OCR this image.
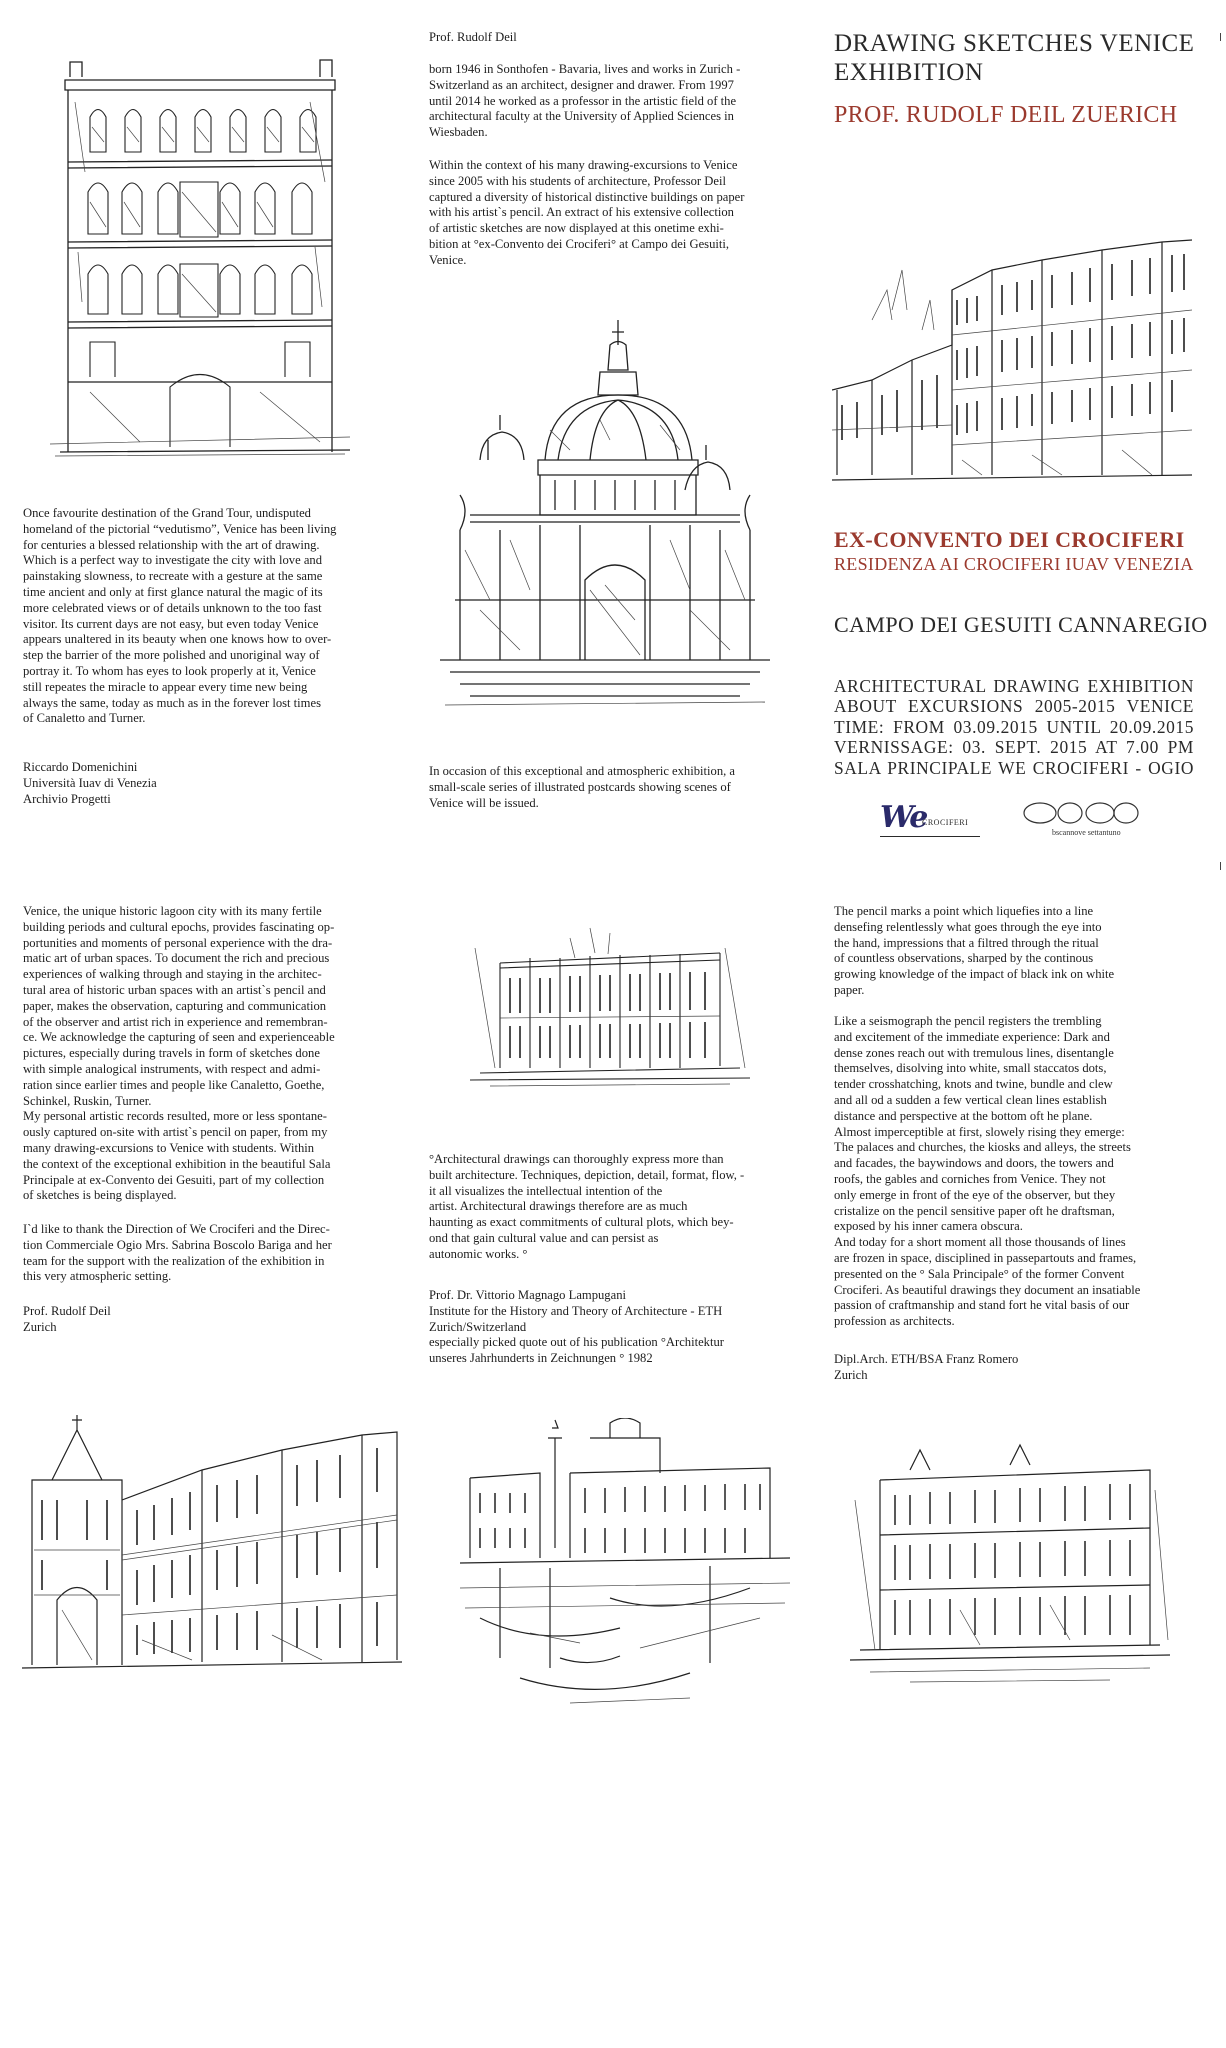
Once favourite destination of the Grand Tour, undisputed
homeland of the pictorial “vedutismo”, Venice has been living
for centuries a blessed relationship with the art of drawing.
Which is a perfect way to investigate the city with love and
painstaking slowness, to recreate with a gesture at the same
time ancient and only at first glance natural the magic of its
more celebrated views or of details unknown to the too fast
visitor. Its current days are not easy, but even today Venice
appears unaltered in its beauty when one knows how to over-
step the barrier of the more polished and unoriginal way of
portray it. To whom has eyes to look properly at it, Venice
still repeates the miracle to appear every time new being
always the same, today as much as in the forever lost times
of Canaletto and Turner.
Riccardo Domenichini
Università Iuav di Venezia
Archivio Progetti
Prof. Rudolf Deil
born 1946 in Sonthofen - Bavaria, lives and works in Zurich -
Switzerland as an architect, designer and drawer. From 1997
until 2014 he worked as a professor in the artistic field of the
architectural faculty at the University of Applied Sciences in
Wiesbaden.
Within the context of his many drawing-excursions to Venice
since 2005 with his students of architecture, Professor Deil
captured a diversity of historical distinctive buildings on paper
with his artist`s pencil. An extract of his extensive collection
of artistic sketches are now displayed at this onetime exhi-
bition at °ex-Convento dei Crociferi° at Campo dei Gesuiti,
Venice.
In occasion of this exceptional and atmospheric exhibition, a
small-scale series of illustrated postcards showing scenes of
Venice will be issued.
DRAWING SKETCHES VENICE
EXHIBITION
PROF. RUDOLF DEIL ZUERICH
EX-CONVENTO DEI CROCIFERI
RESIDENZA AI CROCIFERI IUAV VENEZIA
CAMPO DEI GESUITI CANNAREGIO
ARCHITECTURAL DRAWING EXHIBITION
ABOUT EXCURSIONS 2005-2015 VENICE
TIME: FROM 03.09.2015 UNTIL 20.09.2015
VERNISSAGE: 03. SEPT. 2015 AT 7.00 PM
SALA PRINCIPALE WE CROCIFERI - OGIO
We
CROCIFERI
bscannove settantuno
Venice, the unique historic lagoon city with its many fertile
building periods and cultural epochs, provides fascinating op-
portunities and moments of personal experience with the dra-
matic art of urban spaces. To document the rich and precious
experiences of walking through and staying in the architec-
tural area of historic urban spaces with an artist`s pencil and
paper, makes the observation, capturing and communication
of the observer and artist rich in experience and remembran-
ce. We acknowledge the capturing of seen and experienceable
pictures, especially during travels in form of sketches done
with simple analogical instruments, with respect and admi-
ration since earlier times and people like Canaletto, Goethe,
Schinkel, Ruskin, Turner.
My personal artistic records resulted, more or less spontane-
ously captured on-site with artist`s pencil on paper, from my
many drawing-excursions to Venice with students. Within
the context of the exceptional exhibition in the beautiful Sala
Principale at ex-Convento dei Gesuiti, part of my collection
of sketches is being displayed.
I`d like to thank the Direction of We Crociferi and the Direc-
tion Commerciale Ogio Mrs. Sabrina Boscolo Bariga and her
team for the support with the realization of the exhibition in
this very atmospheric setting.
Prof. Rudolf Deil
Zurich
°Architectural drawings can thoroughly express more than
built architecture. Techniques, depiction, detail, format, flow, -
it all visualizes the intellectual intention of the
artist. Architectural drawings therefore are as much
haunting as exact commitments of cultural plots, which bey-
ond that gain cultural value and can persist as
autonomic works. °
Prof. Dr. Vittorio Magnago Lampugani
Institute for the History and Theory of Architecture - ETH
Zurich/Switzerland
especially picked quote out of his publication °Architektur
unseres Jahrhunderts in Zeichnungen ° 1982
The pencil marks a point which liquefies into a line
densefing relentlessly what goes through the eye into
the hand, impressions that a filtred through the ritual
of countless observations, sharped by the continous
growing knowledge of the impact of black ink on white
paper.
Like a seismograph the pencil registers the trembling
and excitement of the immediate experience: Dark and
dense zones reach out with tremulous lines, disentangle
themselves, disolving into white, small staccatos dots,
tender crosshatching, knots and twine, bundle and clew
and all od a sudden a few vertical clean lines establish
distance and perspective at the bottom oft he plane.
Almost imperceptible at first, slowely rising they emerge:
The palaces and churches, the kiosks and alleys, the streets
and facades, the baywindows and doors, the towers and
roofs, the gables and corniches from Venice. They not
only emerge in front of the eye of the observer, but they
cristalize on the pencil sensitive paper oft he draftsman,
exposed by his inner camera obscura.
And today for a short moment all those thousands of lines
are frozen in space, disciplined in passepartouts and frames,
presented on the ° Sala Principale° of the former Convent
Crociferi. As beautiful drawings they document an insatiable
passion of craftmanship and stand fort he vital basis of our
profession as architects.
Dipl.Arch. ETH/BSA Franz Romero
Zurich
